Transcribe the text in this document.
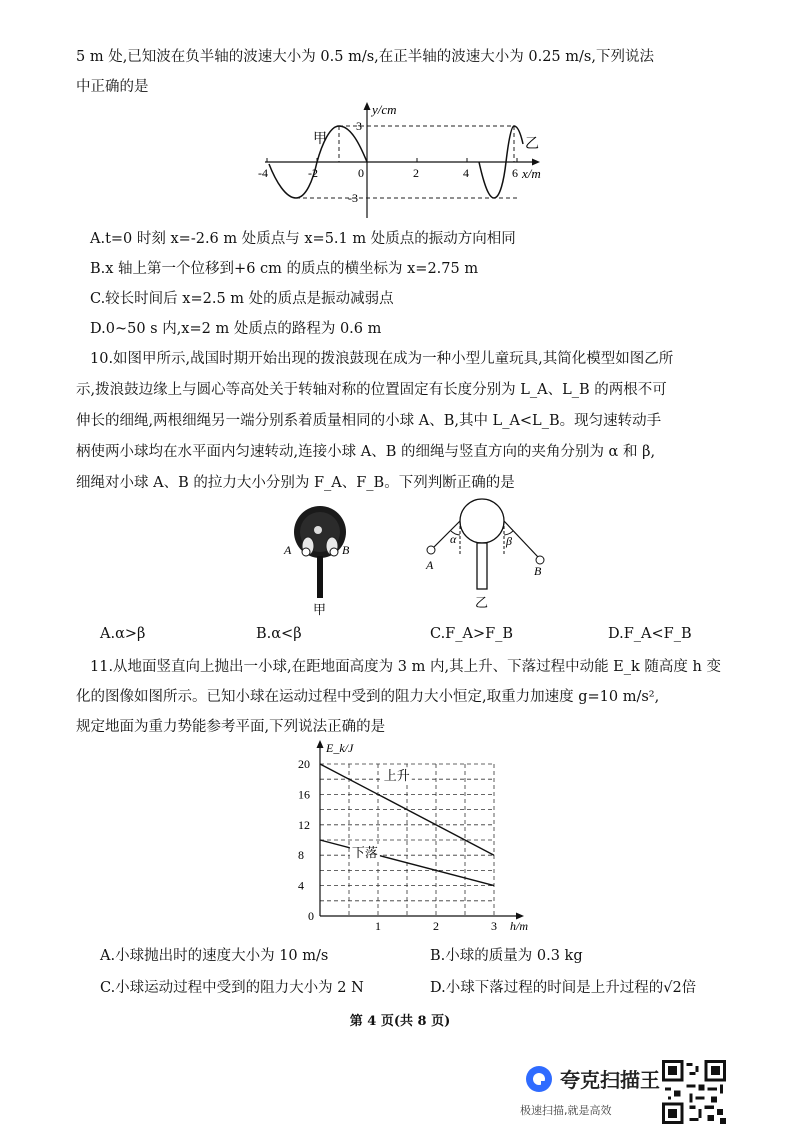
5 m 处,已知波在负半轴的波速大小为 0.5 m/s,在正半轴的波速大小为 0.25 m/s,下列说法
中正确的是
y/cm
x/m
甲	乙
3
-3
-4	-2	0	2	4	6
A.t=0 时刻 x=-2.6 m 处质点与 x=5.1 m 处质点的振动方向相同
B.x 轴上第一个位移到+6 cm 的质点的横坐标为 x=2.75 m
C.较长时间后 x=2.5 m 处的质点是振动减弱点
D.0~50 s 内,x=2 m 处质点的路程为 0.6 m
10.如图甲所示,战国时期开始出现的拨浪鼓现在成为一种小型儿童玩具,其简化模型如图乙所
示,拨浪鼓边缘上与圆心等高处关于转轴对称的位置固定有长度分别为 L_A、L_B 的两根不可
伸长的细绳,两根细绳另一端分别系着质量相同的小球 A、B,其中 L_A<L_B。现匀速转动手
柄使两小球均在水平面内匀速转动,连接小球 A、B 的细绳与竖直方向的夹角分别为 α 和 β,
细绳对小球 A、B 的拉力大小分别为 F_A、F_B。下列判断正确的是
A	B
甲
α	β
A	B
乙
A.α>β	B.α<β	C.F_A>F_B	D.F_A<F_B
11.从地面竖直向上抛出一小球,在距地面高度为 3 m 内,其上升、下落过程中动能 E_k 随高度 h 变
化的图像如图所示。已知小球在运动过程中受到的阻力大小恒定,取重力加速度 g=10 m/s²,
规定地面为重力势能参考平面,下列说法正确的是
E_k/J
h/m
0
1	2	3
4
8
12
16
20
上升
下落
A.小球抛出时的速度大小为 10 m/s	B.小球的质量为 0.3 kg
C.小球运动过程中受到的阻力大小为 2 N	D.小球下落过程的时间是上升过程的√2倍
第 4 页(共 8 页)
夸克扫描王
极速扫描,就是高效
